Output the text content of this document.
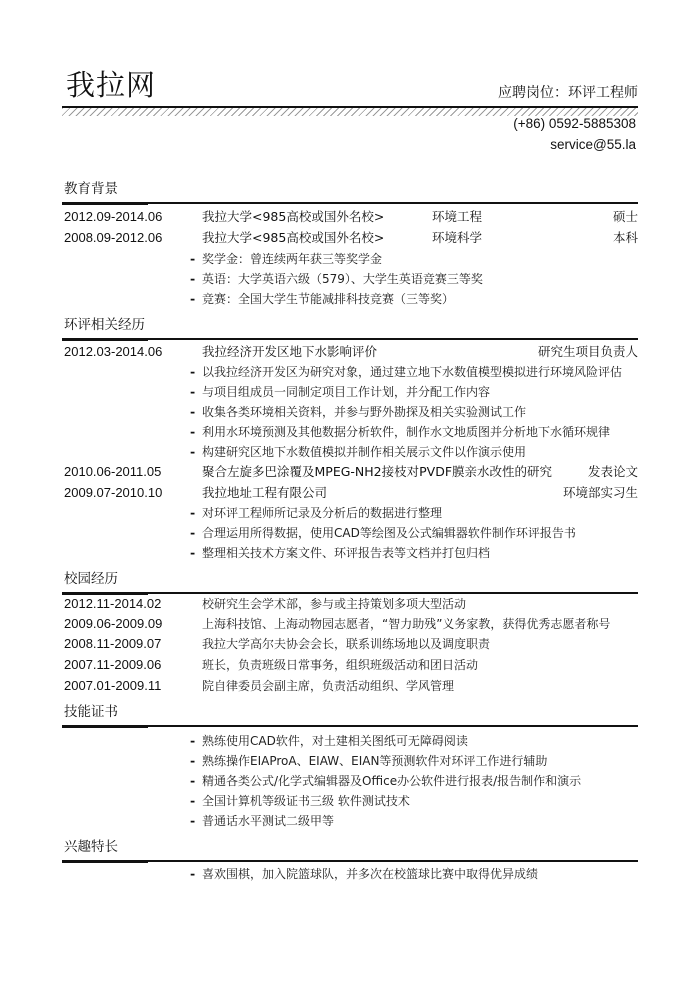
我拉网	应聘岗位：环评工程师
(+86) 0592-5885308
service@55.la
教育背景
2012.09-2014.06	我拉大学<985高校或国外名校>	环境工程	硕士
2008.09-2012.06	我拉大学<985高校或国外名校>	环境科学	本科
- 奖学金：曾连续两年获三等奖学金
- 英语：大学英语六级（579）、大学生英语竞赛三等奖
- 竞赛：全国大学生节能减排科技竞赛（三等奖）
环评相关经历
2012.03-2014.06	我拉经济开发区地下水影响评价	研究生项目负责人
- 以我拉经济开发区为研究对象，通过建立地下水数值模型模拟进行环境风险评估
- 与项目组成员一同制定项目工作计划，并分配工作内容
- 收集各类环境相关资料，并参与野外勘探及相关实验测试工作
- 利用水环境预测及其他数据分析软件，制作水文地质图并分析地下水循环规律
- 构建研究区地下水数值模拟并制作相关展示文件以作演示使用
2010.06-2011.05	聚合左旋多巴涂覆及MPEG-NH2接枝对PVDF膜亲水改性的研究	发表论文
2009.07-2010.10	我拉地址工程有限公司	环境部实习生
- 对环评工程师所记录及分析后的数据进行整理
- 合理运用所得数据，使用CAD等绘图及公式编辑器软件制作环评报告书
- 整理相关技术方案文件、环评报告表等文档并打包归档
校园经历
2012.11-2014.02	校研究生会学术部，参与或主持策划多项大型活动
2009.06-2009.09	上海科技馆、上海动物园志愿者，“智力助残”义务家教，获得优秀志愿者称号
2008.11-2009.07	我拉大学高尔夫协会会长，联系训练场地以及调度职责
2007.11-2009.06	班长，负责班级日常事务，组织班级活动和团日活动
2007.01-2009.11	院自律委员会副主席，负责活动组织、学风管理
技能证书
- 熟练使用CAD软件，对土建相关图纸可无障碍阅读
- 熟练操作EIAProA、EIAW、EIAN等预测软件对环评工作进行辅助
- 精通各类公式/化学式编辑器及Office办公软件进行报表/报告制作和演示
- 全国计算机等级证书三级 软件测试技术
- 普通话水平测试二级甲等
兴趣特长
- 喜欢围棋，加入院篮球队，并多次在校篮球比赛中取得优异成绩
